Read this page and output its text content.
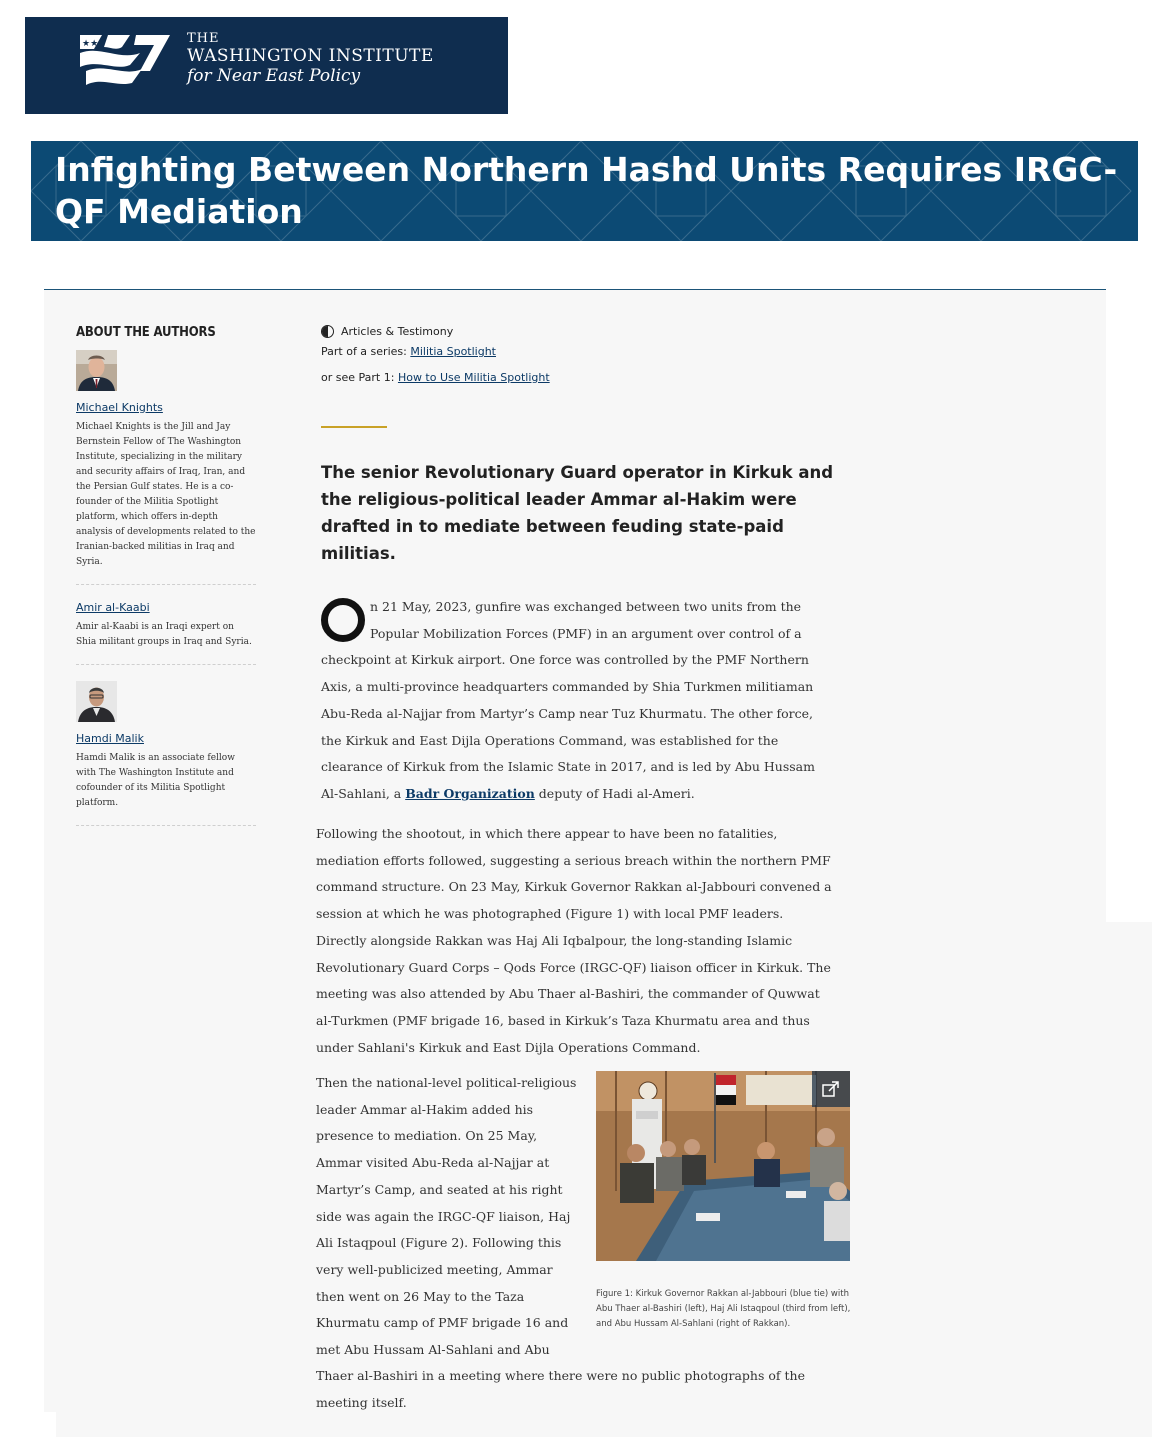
★★	THE
WASHINGTON INSTITUTE
for Near East Policy
Infighting Between Northern Hashd Units Requires IRGC-QF Mediation
ABOUT THE AUTHORS
Michael Knights

Michael Knights is the Jill and Jay Bernstein Fellow of The Washington Institute, specializing in the military and security affairs of Iraq, Iran, and the Persian Gulf states. He is a co-founder of the Militia Spotlight platform, which offers in-depth analysis of developments related to the Iranian-backed militias in Iraq and Syria.

Amir al-Kaabi

Amir al-Kaabi is an Iraqi expert on Shia militant groups in Iraq and Syria.

Hamdi Malik

Hamdi Malik is an associate fellow with The Washington Institute and cofounder of its Militia Spotlight platform.

Articles & Testimony
Part of a series: Militia Spotlight
or see Part 1: How to Use Militia Spotlight

The senior Revolutionary Guard operator in Kirkuk and the religious-political leader Ammar al-Hakim were drafted in to mediate between feuding state-paid militias.

n 21 May, 2023, gunfire was exchanged between two units from the Popular Mobilization Forces (PMF) in an argument over control of a checkpoint at Kirkuk airport. One force was controlled by the PMF Northern Axis, a multi-province headquarters commanded by Shia Turkmen militiaman Abu-Reda al-Najjar from Martyr’s Camp near Tuz Khurmatu. The other force, the Kirkuk and East Dijla Operations Command, was established for the clearance of Kirkuk from the Islamic State in 2017, and is led by Abu Hussam Al-Sahlani, a Badr Organization deputy of Hadi al-Ameri.

Following the shootout, in which there appear to have been no fatalities, mediation efforts followed, suggesting a serious breach within the northern PMF command structure. On 23 May, Kirkuk Governor Rakkan al-Jabbouri convened a session at which he was photographed (Figure 1) with local PMF leaders. Directly alongside Rakkan was Haj Ali Iqbalpour, the long-standing Islamic Revolutionary Guard Corps – Qods Force (IRGC-QF) liaison officer in Kirkuk. The meeting was also attended by Abu Thaer al-Bashiri, the commander of Quwwat al-Turkmen (PMF brigade 16, based in Kirkuk’s Taza Khurmatu area and thus under Sahlani's Kirkuk and East Dijla Operations Command.

Then the national-level political-religious leader Ammar al-Hakim added his presence to mediation. On 25 May, Ammar visited Abu-Reda al-Najjar at Martyr’s Camp, and seated at his right side was again the IRGC-QF liaison, Haj Ali Istaqpoul (Figure 2). Following this very well-publicized meeting, Ammar then went on 26 May to the Taza Khurmatu camp of PMF brigade 16 and met Abu Hussam Al-Sahlani and Abu

Thaer al-Bashiri in a meeting where there were no public photographs of the meeting itself.

Figure 1: Kirkuk Governor Rakkan al-Jabbouri (blue tie) with Abu Thaer al-Bashiri (left), Haj Ali Istaqpoul (third from left), and Abu Hussam Al-Sahlani (right of Rakkan).
